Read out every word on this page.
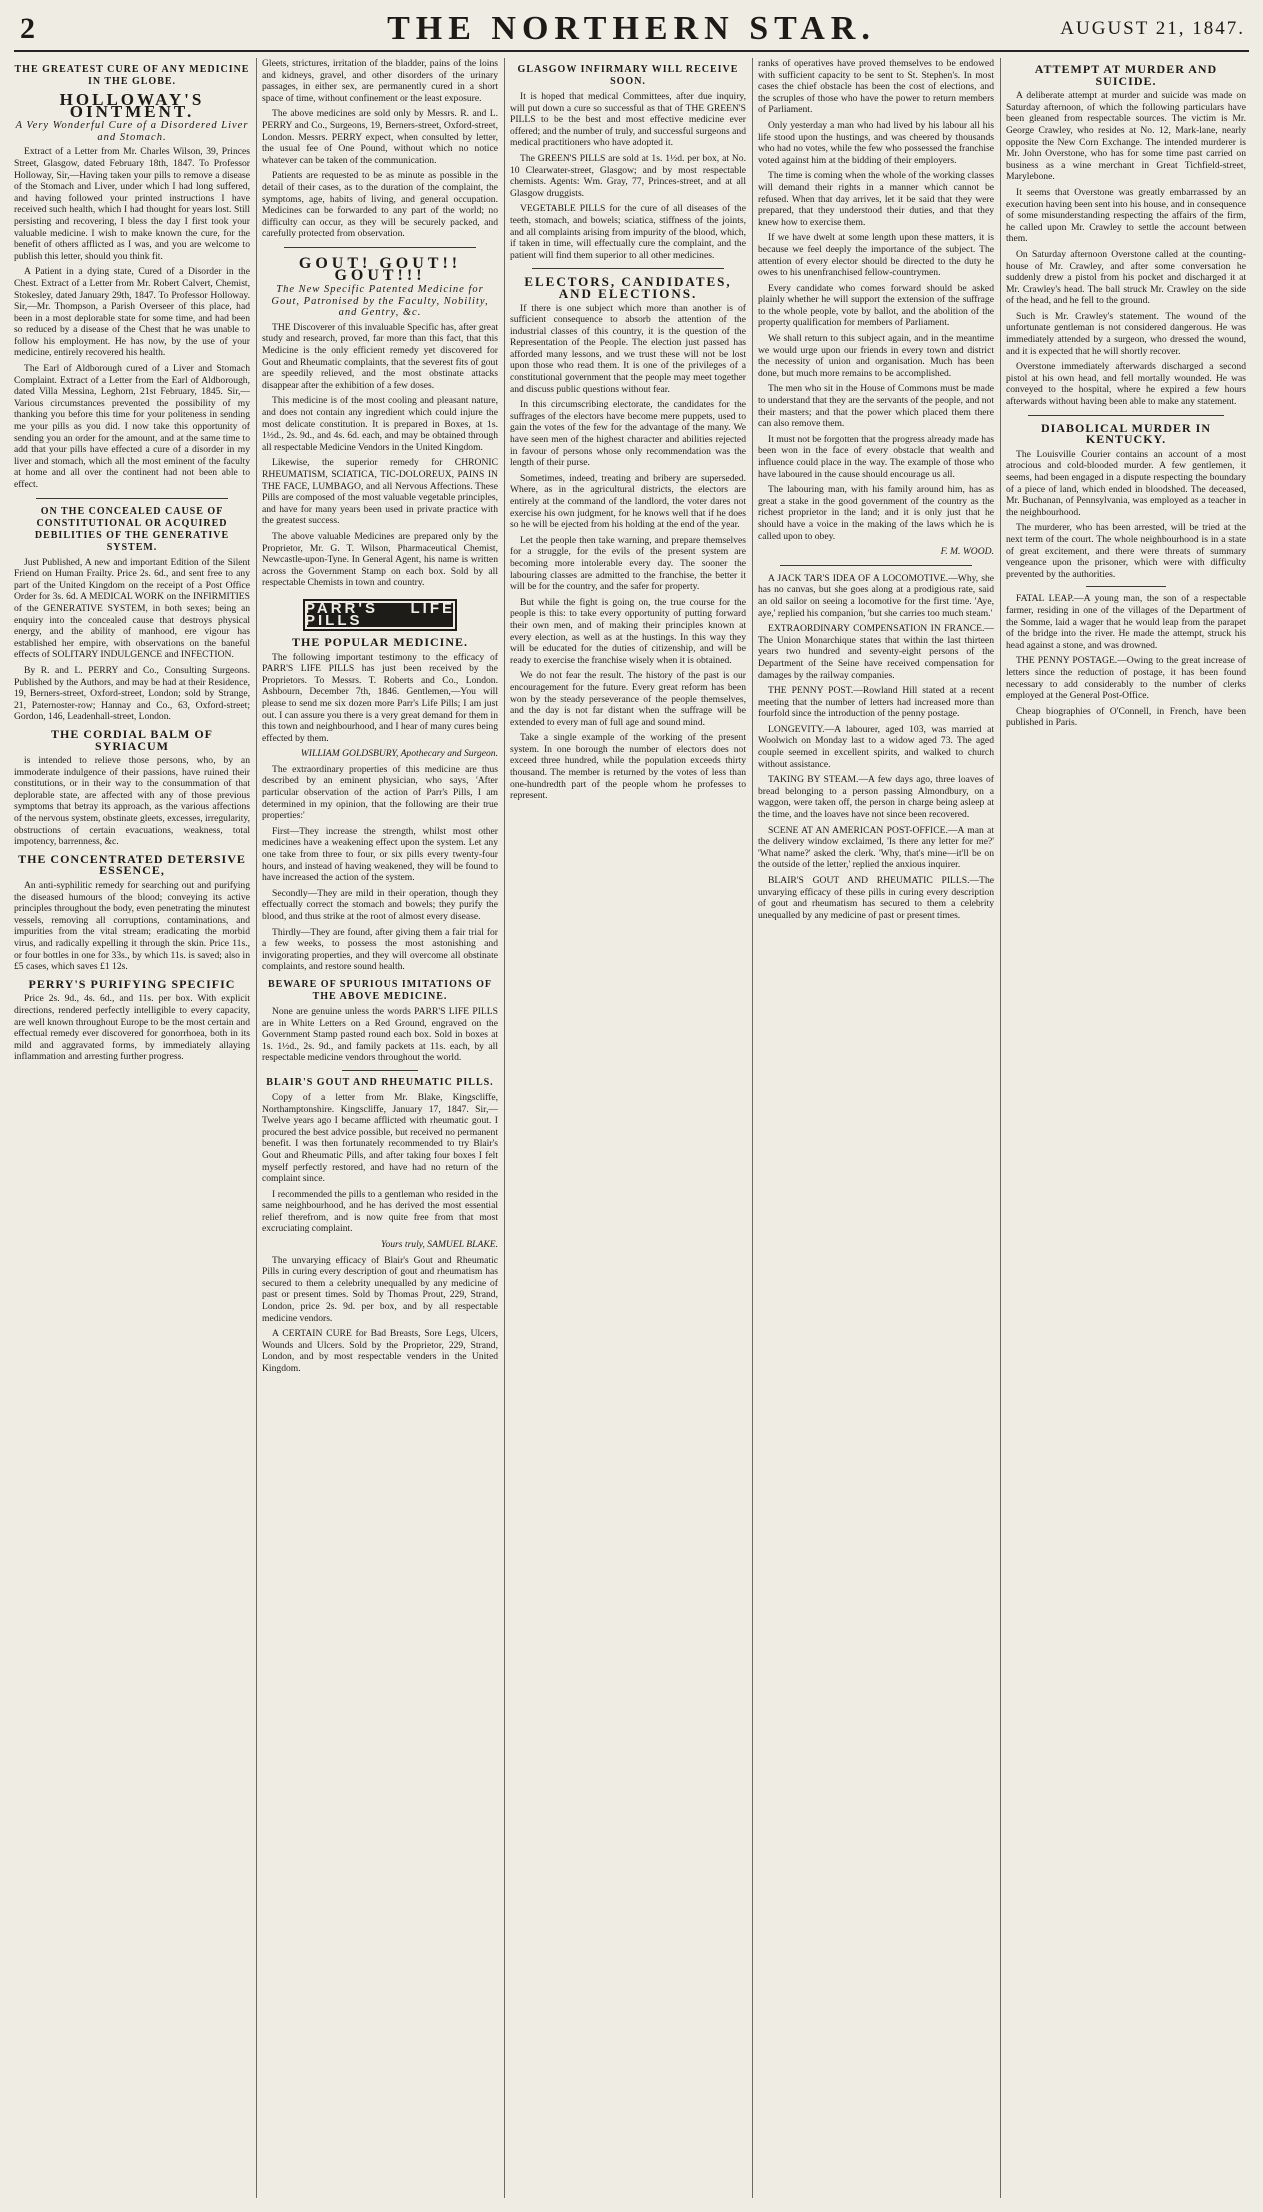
2	THE NORTHERN STAR.	AUGUST 21, 1847.
THE GREATEST CURE OF ANY MEDICINE IN THE GLOBE.
HOLLOWAY'S OINTMENT.
A Very Wonderful Cure of a Disordered Liver and Stomach.

Extract of a Letter from Mr. Charles Wilson, 39, Princes Street, Glasgow, dated February 18th, 1847. To Professor Holloway, Sir,—Having taken your pills to remove a disease of the Stomach and Liver, under which I had long suffered, and having followed your printed instructions I have received such health, which I had thought for years lost. Still persisting and recovering, I bless the day I first took your valuable medicine. I wish to make known the cure, for the benefit of others afflicted as I was, and you are welcome to publish this letter, should you think fit.

A Patient in a dying state, Cured of a Disorder in the Chest. Extract of a Letter from Mr. Robert Calvert, Chemist, Stokesley, dated January 29th, 1847. To Professor Holloway. Sir,—Mr. Thompson, a Parish Overseer of this place, had been in a most deplorable state for some time, and had been so reduced by a disease of the Chest that he was unable to follow his employment. He has now, by the use of your medicine, entirely recovered his health.

The Earl of Aldborough cured of a Liver and Stomach Complaint. Extract of a Letter from the Earl of Aldborough, dated Villa Messina, Leghorn, 21st February, 1845. Sir,—Various circumstances prevented the possibility of my thanking you before this time for your politeness in sending me your pills as you did. I now take this opportunity of sending you an order for the amount, and at the same time to add that your pills have effected a cure of a disorder in my liver and stomach, which all the most eminent of the faculty at home and all over the continent had not been able to effect.

ON THE CONCEALED CAUSE OF CONSTITUTIONAL OR ACQUIRED DEBILITIES OF THE GENERATIVE SYSTEM.

Just Published, A new and important Edition of the Silent Friend on Human Frailty. Price 2s. 6d., and sent free to any part of the United Kingdom on the receipt of a Post Office Order for 3s. 6d. A MEDICAL WORK on the INFIRMITIES of the GENERATIVE SYSTEM, in both sexes; being an enquiry into the concealed cause that destroys physical energy, and the ability of manhood, ere vigour has established her empire, with observations on the baneful effects of SOLITARY INDULGENCE and INFECTION.

By R. and L. PERRY and Co., Consulting Surgeons. Published by the Authors, and may be had at their Residence, 19, Berners-street, Oxford-street, London; sold by Strange, 21, Paternoster-row; Hannay and Co., 63, Oxford-street; Gordon, 146, Leadenhall-street, London.

THE CORDIAL BALM OF SYRIACUM

is intended to relieve those persons, who, by an immoderate indulgence of their passions, have ruined their constitutions, or in their way to the consummation of that deplorable state, are affected with any of those previous symptoms that betray its approach, as the various affections of the nervous system, obstinate gleets, excesses, irregularity, obstructions of certain evacuations, weakness, total impotency, barrenness, &c.

THE CONCENTRATED DETERSIVE ESSENCE,

An anti-syphilitic remedy for searching out and purifying the diseased humours of the blood; conveying its active principles throughout the body, even penetrating the minutest vessels, removing all corruptions, contaminations, and impurities from the vital stream; eradicating the morbid virus, and radically expelling it through the skin. Price 11s., or four bottles in one for 33s., by which 11s. is saved; also in £5 cases, which saves £1 12s.

PERRY'S PURIFYING SPECIFIC

Price 2s. 9d., 4s. 6d., and 11s. per box. With explicit directions, rendered perfectly intelligible to every capacity, are well known throughout Europe to be the most certain and effectual remedy ever discovered for gonorrhoea, both in its mild and aggravated forms, by immediately allaying inflammation and arresting further progress.

Gleets, strictures, irritation of the bladder, pains of the loins and kidneys, gravel, and other disorders of the urinary passages, in either sex, are permanently cured in a short space of time, without confinement or the least exposure.

The above medicines are sold only by Messrs. R. and L. PERRY and Co., Surgeons, 19, Berners-street, Oxford-street, London. Messrs. PERRY expect, when consulted by letter, the usual fee of One Pound, without which no notice whatever can be taken of the communication.

Patients are requested to be as minute as possible in the detail of their cases, as to the duration of the complaint, the symptoms, age, habits of living, and general occupation. Medicines can be forwarded to any part of the world; no difficulty can occur, as they will be securely packed, and carefully protected from observation.

GOUT! GOUT!! GOUT!!!
The New Specific Patented Medicine for Gout, Patronised by the Faculty, Nobility, and Gentry, &c.

THE Discoverer of this invaluable Specific has, after great study and research, proved, far more than this fact, that this Medicine is the only efficient remedy yet discovered for Gout and Rheumatic complaints, that the severest fits of gout are speedily relieved, and the most obstinate attacks disappear after the exhibition of a few doses.

This medicine is of the most cooling and pleasant nature, and does not contain any ingredient which could injure the most delicate constitution. It is prepared in Boxes, at 1s. 1½d., 2s. 9d., and 4s. 6d. each, and may be obtained through all respectable Medicine Vendors in the United Kingdom.

Likewise, the superior remedy for CHRONIC RHEUMATISM, SCIATICA, TIC-DOLOREUX, PAINS IN THE FACE, LUMBAGO, and all Nervous Affections. These Pills are composed of the most valuable vegetable principles, and have for many years been used in private practice with the greatest success.

The above valuable Medicines are prepared only by the Proprietor, Mr. G. T. Wilson, Pharmaceutical Chemist, Newcastle-upon-Tyne. In General Agent, his name is written across the Government Stamp on each box. Sold by all respectable Chemists in town and country.

PARR'S LIFE PILLS
THE POPULAR MEDICINE.

The following important testimony to the efficacy of PARR'S LIFE PILLS has just been received by the Proprietors. To Messrs. T. Roberts and Co., London. Ashbourn, December 7th, 1846. Gentlemen,—You will please to send me six dozen more Parr's Life Pills; I am just out. I can assure you there is a very great demand for them in this town and neighbourhood, and I hear of many cures being effected by them.

WILLIAM GOLDSBURY, Apothecary and Surgeon.

The extraordinary properties of this medicine are thus described by an eminent physician, who says, 'After particular observation of the action of Parr's Pills, I am determined in my opinion, that the following are their true properties:'

First—They increase the strength, whilst most other medicines have a weakening effect upon the system. Let any one take from three to four, or six pills every twenty-four hours, and instead of having weakened, they will be found to have increased the action of the system.

Secondly—They are mild in their operation, though they effectually correct the stomach and bowels; they purify the blood, and thus strike at the root of almost every disease.

Thirdly—They are found, after giving them a fair trial for a few weeks, to possess the most astonishing and invigorating properties, and they will overcome all obstinate complaints, and restore sound health.

BEWARE OF SPURIOUS IMITATIONS OF THE ABOVE MEDICINE.

None are genuine unless the words PARR'S LIFE PILLS are in White Letters on a Red Ground, engraved on the Government Stamp pasted round each box. Sold in boxes at 1s. 1½d., 2s. 9d., and family packets at 11s. each, by all respectable medicine vendors throughout the world.

BLAIR'S GOUT AND RHEUMATIC PILLS.

Copy of a letter from Mr. Blake, Kingscliffe, Northamptonshire. Kingscliffe, January 17, 1847. Sir,—Twelve years ago I became afflicted with rheumatic gout. I procured the best advice possible, but received no permanent benefit. I was then fortunately recommended to try Blair's Gout and Rheumatic Pills, and after taking four boxes I felt myself perfectly restored, and have had no return of the complaint since.

I recommended the pills to a gentleman who resided in the same neighbourhood, and he has derived the most essential relief therefrom, and is now quite free from that most excruciating complaint.

Yours truly, SAMUEL BLAKE.

The unvarying efficacy of Blair's Gout and Rheumatic Pills in curing every description of gout and rheumatism has secured to them a celebrity unequalled by any medicine of past or present times. Sold by Thomas Prout, 229, Strand, London, price 2s. 9d. per box, and by all respectable medicine vendors.

A CERTAIN CURE for Bad Breasts, Sore Legs, Ulcers, Wounds and Ulcers. Sold by the Proprietor, 229, Strand, London, and by most respectable venders in the United Kingdom.

GLASGOW INFIRMARY WILL RECEIVE SOON.

It is hoped that medical Committees, after due inquiry, will put down a cure so successful as that of THE GREEN'S PILLS to be the best and most effective medicine ever offered; and the number of truly, and successful surgeons and medical practitioners who have adopted it.

The GREEN'S PILLS are sold at 1s. 1½d. per box, at No. 10 Clearwater-street, Glasgow; and by most respectable chemists. Agents: Wm. Gray, 77, Princes-street, and at all Glasgow druggists.

VEGETABLE PILLS for the cure of all diseases of the teeth, stomach, and bowels; sciatica, stiffness of the joints, and all complaints arising from impurity of the blood, which, if taken in time, will effectually cure the complaint, and the patient will find them superior to all other medicines.

ELECTORS, CANDIDATES, AND ELECTIONS.

If there is one subject which more than another is of sufficient consequence to absorb the attention of the industrial classes of this country, it is the question of the Representation of the People. The election just passed has afforded many lessons, and we trust these will not be lost upon those who read them. It is one of the privileges of a constitutional government that the people may meet together and discuss public questions without fear.

In this circumscribing electorate, the candidates for the suffrages of the electors have become mere puppets, used to gain the votes of the few for the advantage of the many. We have seen men of the highest character and abilities rejected in favour of persons whose only recommendation was the length of their purse.

Sometimes, indeed, treating and bribery are superseded. Where, as in the agricultural districts, the electors are entirely at the command of the landlord, the voter dares not exercise his own judgment, for he knows well that if he does so he will be ejected from his holding at the end of the year.

Let the people then take warning, and prepare themselves for a struggle, for the evils of the present system are becoming more intolerable every day. The sooner the labouring classes are admitted to the franchise, the better it will be for the country, and the safer for property.

But while the fight is going on, the true course for the people is this: to take every opportunity of putting forward their own men, and of making their principles known at every election, as well as at the hustings. In this way they will be educated for the duties of citizenship, and will be ready to exercise the franchise wisely when it is obtained.

We do not fear the result. The history of the past is our encouragement for the future. Every great reform has been won by the steady perseverance of the people themselves, and the day is not far distant when the suffrage will be extended to every man of full age and sound mind.

Take a single example of the working of the present system. In one borough the number of electors does not exceed three hundred, while the population exceeds thirty thousand. The member is returned by the votes of less than one-hundredth part of the people whom he professes to represent.

ranks of operatives have proved themselves to be endowed with sufficient capacity to be sent to St. Stephen's. In most cases the chief obstacle has been the cost of elections, and the scruples of those who have the power to return members of Parliament.

Only yesterday a man who had lived by his labour all his life stood upon the hustings, and was cheered by thousands who had no votes, while the few who possessed the franchise voted against him at the bidding of their employers.

The time is coming when the whole of the working classes will demand their rights in a manner which cannot be refused. When that day arrives, let it be said that they were prepared, that they understood their duties, and that they knew how to exercise them.

If we have dwelt at some length upon these matters, it is because we feel deeply the importance of the subject. The attention of every elector should be directed to the duty he owes to his unenfranchised fellow-countrymen.

Every candidate who comes forward should be asked plainly whether he will support the extension of the suffrage to the whole people, vote by ballot, and the abolition of the property qualification for members of Parliament.

We shall return to this subject again, and in the meantime we would urge upon our friends in every town and district the necessity of union and organisation. Much has been done, but much more remains to be accomplished.

The men who sit in the House of Commons must be made to understand that they are the servants of the people, and not their masters; and that the power which placed them there can also remove them.

It must not be forgotten that the progress already made has been won in the face of every obstacle that wealth and influence could place in the way. The example of those who have laboured in the cause should encourage us all.

The labouring man, with his family around him, has as great a stake in the good government of the country as the richest proprietor in the land; and it is only just that he should have a voice in the making of the laws which he is called upon to obey.

F. M. WOOD.

A JACK TAR'S IDEA OF A LOCOMOTIVE.—Why, she has no canvas, but she goes along at a prodigious rate, said an old sailor on seeing a locomotive for the first time. 'Aye, aye,' replied his companion, 'but she carries too much steam.'

EXTRAORDINARY COMPENSATION IN FRANCE.—The Union Monarchique states that within the last thirteen years two hundred and seventy-eight persons of the Department of the Seine have received compensation for damages by the railway companies.

THE PENNY POST.—Rowland Hill stated at a recent meeting that the number of letters had increased more than fourfold since the introduction of the penny postage.

LONGEVITY.—A labourer, aged 103, was married at Woolwich on Monday last to a widow aged 73. The aged couple seemed in excellent spirits, and walked to church without assistance.

TAKING BY STEAM.—A few days ago, three loaves of bread belonging to a person passing Almondbury, on a waggon, were taken off, the person in charge being asleep at the time, and the loaves have not since been recovered.

SCENE AT AN AMERICAN POST-OFFICE.—A man at the delivery window exclaimed, 'Is there any letter for me?' 'What name?' asked the clerk. 'Why, that's mine—it'll be on the outside of the letter,' replied the anxious inquirer.

BLAIR'S GOUT AND RHEUMATIC PILLS.—The unvarying efficacy of these pills in curing every description of gout and rheumatism has secured to them a celebrity unequalled by any medicine of past or present times.

ATTEMPT AT MURDER AND SUICIDE.

A deliberate attempt at murder and suicide was made on Saturday afternoon, of which the following particulars have been gleaned from respectable sources. The victim is Mr. George Crawley, who resides at No. 12, Mark-lane, nearly opposite the New Corn Exchange. The intended murderer is Mr. John Overstone, who has for some time past carried on business as a wine merchant in Great Tichfield-street, Marylebone.

It seems that Overstone was greatly embarrassed by an execution having been sent into his house, and in consequence of some misunderstanding respecting the affairs of the firm, he called upon Mr. Crawley to settle the account between them.

On Saturday afternoon Overstone called at the counting-house of Mr. Crawley, and after some conversation he suddenly drew a pistol from his pocket and discharged it at Mr. Crawley's head. The ball struck Mr. Crawley on the side of the head, and he fell to the ground.

Such is Mr. Crawley's statement. The wound of the unfortunate gentleman is not considered dangerous. He was immediately attended by a surgeon, who dressed the wound, and it is expected that he will shortly recover.

Overstone immediately afterwards discharged a second pistol at his own head, and fell mortally wounded. He was conveyed to the hospital, where he expired a few hours afterwards without having been able to make any statement.

DIABOLICAL MURDER IN KENTUCKY.

The Louisville Courier contains an account of a most atrocious and cold-blooded murder. A few gentlemen, it seems, had been engaged in a dispute respecting the boundary of a piece of land, which ended in bloodshed. The deceased, Mr. Buchanan, of Pennsylvania, was employed as a teacher in the neighbourhood.

The murderer, who has been arrested, will be tried at the next term of the court. The whole neighbourhood is in a state of great excitement, and there were threats of summary vengeance upon the prisoner, which were with difficulty prevented by the authorities.

FATAL LEAP.—A young man, the son of a respectable farmer, residing in one of the villages of the Department of the Somme, laid a wager that he would leap from the parapet of the bridge into the river. He made the attempt, struck his head against a stone, and was drowned.

THE PENNY POSTAGE.—Owing to the great increase of letters since the reduction of postage, it has been found necessary to add considerably to the number of clerks employed at the General Post-Office.

Cheap biographies of O'Connell, in French, have been published in Paris.
